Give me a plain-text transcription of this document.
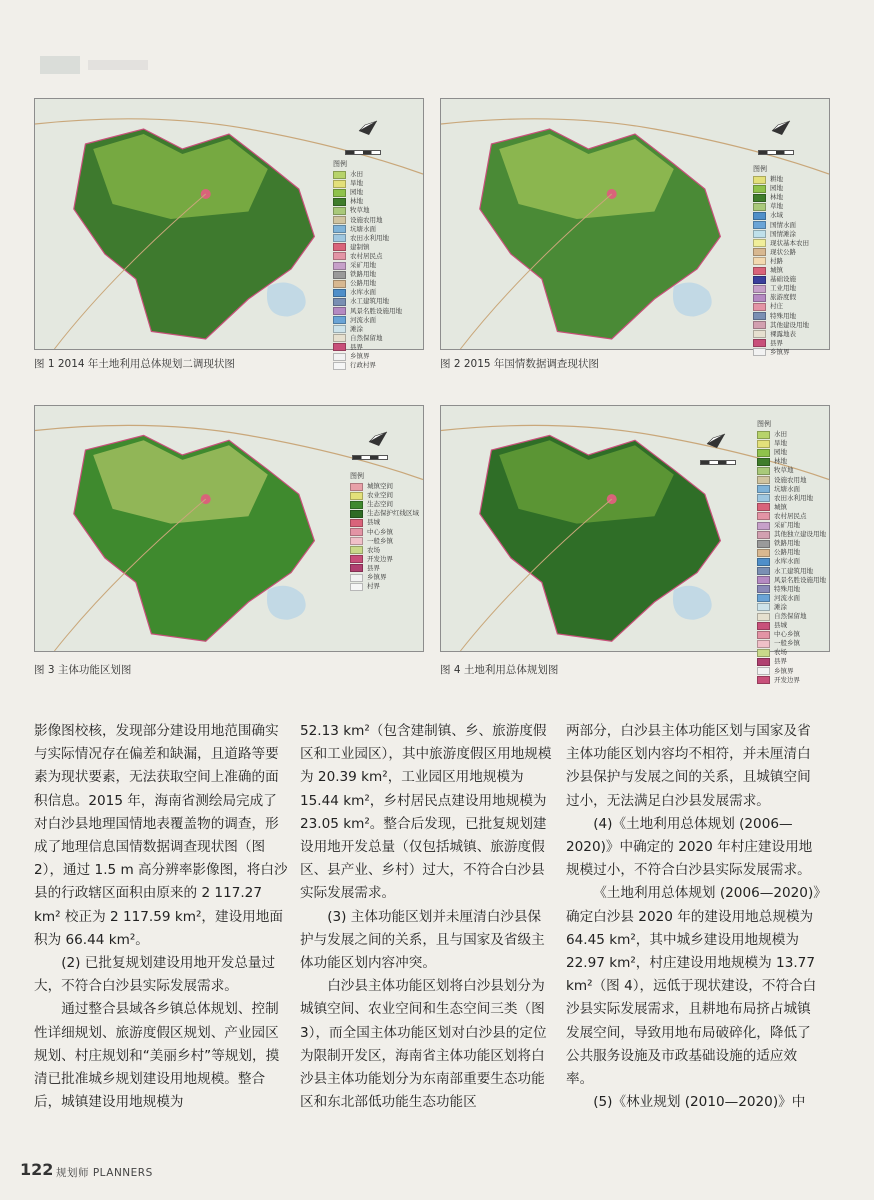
图例
水田
旱地
园地
林地
牧草地
设施农用地
坑塘水面
农田水利用地
建制镇
农村居民点
采矿用地
铁路用地
公路用地
水库水面
水工建筑用地
风景名胜设施用地
河流水面
滩涂
自然保留地
县界
乡镇界
行政村界
图 1 2014 年土地利用总体规划二调现状图
图例
耕地
园地
林地
草地
水域
国情水面
国情滩涂
现状基本农田
现状公路
村路
城镇
基础设施
工业用地
旅游度假
村庄
特殊用地
其他建设用地
裸露地表
县界
乡镇界
图 2 2015 年国情数据调查现状图
图例
城镇空间
农业空间
生态空间
生态保护红线区域
县城
中心乡镇
一般乡镇
农场
开发边界
县界
乡镇界
村界
图 3 主体功能区划图
图例
水田
旱地
园地
林地
牧草地
设施农用地
坑塘水面
农田水利用地
城镇
农村居民点
采矿用地
其他独立建设用地
铁路用地
公路用地
水库水面
水工建筑用地
风景名胜设施用地
特殊用地
河流水面
滩涂
自然保留地
县城
中心乡镇
一般乡镇
农场
县界
乡镇界
开发边界
图 4 土地利用总体规划图

影像图校核，发现部分建设用地范围确实与实际情况存在偏差和缺漏，且道路等要素为现状要素，无法获取空间上准确的面积信息。2015 年，海南省测绘局完成了对白沙县地理国情地表覆盖物的调查，形成了地理信息国情数据调查现状图（图 2），通过 1.5 m 高分辨率影像图，将白沙县的行政辖区面积由原来的 2 117.27 km² 校正为 2 117.59 km²，建设用地面积为 66.44 km²。

(2) 已批复规划建设用地开发总量过大，不符合白沙县实际发展需求。

通过整合县域各乡镇总体规划、控制性详细规划、旅游度假区规划、产业园区规划、村庄规划和“美丽乡村”等规划，摸清已批准城乡规划建设用地规模。整合后，城镇建设用地规模为

52.13 km²（包含建制镇、乡、旅游度假区和工业园区），其中旅游度假区用地规模为 20.39 km²，工业园区用地规模为 15.44 km²，乡村居民点建设用地规模为 23.05 km²。整合后发现，已批复规划建设用地开发总量（仅包括城镇、旅游度假区、县产业、乡村）过大，不符合白沙县实际发展需求。

(3) 主体功能区划并未厘清白沙县保护与发展之间的关系，且与国家及省级主体功能区划内容冲突。

白沙县主体功能区划将白沙县划分为城镇空间、农业空间和生态空间三类（图 3），而全国主体功能区划对白沙县的定位为限制开发区，海南省主体功能区划将白沙县主体功能划分为东南部重要生态功能区和东北部低功能生态功能区

两部分，白沙县主体功能区划与国家及省主体功能区划内容均不相符，并未厘清白沙县保护与发展之间的关系，且城镇空间过小，无法满足白沙县发展需求。

(4)《土地利用总体规划 (2006—2020)》中确定的 2020 年村庄建设用地规模过小，不符合白沙县实际发展需求。

《土地利用总体规划 (2006—2020)》确定白沙县 2020 年的建设用地总规模为 64.45 km²，其中城乡建设用地规模为 22.97 km²，村庄建设用地规模为 13.77 km²（图 4），远低于现状建设，不符合白沙县实际发展需求，且耕地布局挤占城镇发展空间，导致用地布局破碎化，降低了公共服务设施及市政基础设施的适应效率。

(5)《林业规划 (2010—2020)》中

122 规划师 PLANNERS
